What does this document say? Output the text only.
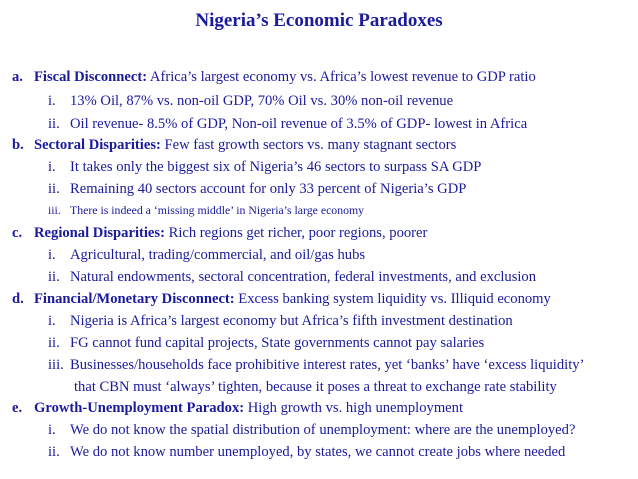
Nigeria’s Economic Paradoxes
a. Fiscal Disconnect: Africa’s largest economy vs. Africa’s lowest revenue to GDP ratio
i. 13% Oil, 87% vs. non-oil GDP, 70% Oil vs. 30% non-oil revenue
ii. Oil revenue- 8.5% of GDP, Non-oil revenue of 3.5% of GDP- lowest in Africa
b. Sectoral Disparities: Few fast growth sectors vs. many stagnant sectors
i. It takes only the biggest six of Nigeria’s 46 sectors to surpass SA GDP
ii. Remaining 40 sectors account for only 33 percent of Nigeria’s GDP
iii. There is indeed a ‘missing middle’ in Nigeria’s large economy
c. Regional Disparities: Rich regions get richer, poor regions, poorer
i. Agricultural, trading/commercial, and oil/gas hubs
ii. Natural endowments, sectoral concentration, federal investments, and exclusion
d. Financial/Monetary Disconnect: Excess banking system liquidity vs. Illiquid economy
i. Nigeria is Africa’s largest economy but Africa’s fifth investment destination
ii. FG cannot fund capital projects, State governments cannot pay salaries
iii. Businesses/households face prohibitive interest rates, yet ‘banks’ have ‘excess liquidity’
that CBN must ‘always’ tighten, because it poses a threat to exchange rate stability
e. Growth-Unemployment Paradox: High growth vs. high unemployment
i. We do not know the spatial distribution of unemployment: where are the unemployed?
ii. We do not know number unemployed, by states, we cannot create jobs where needed
